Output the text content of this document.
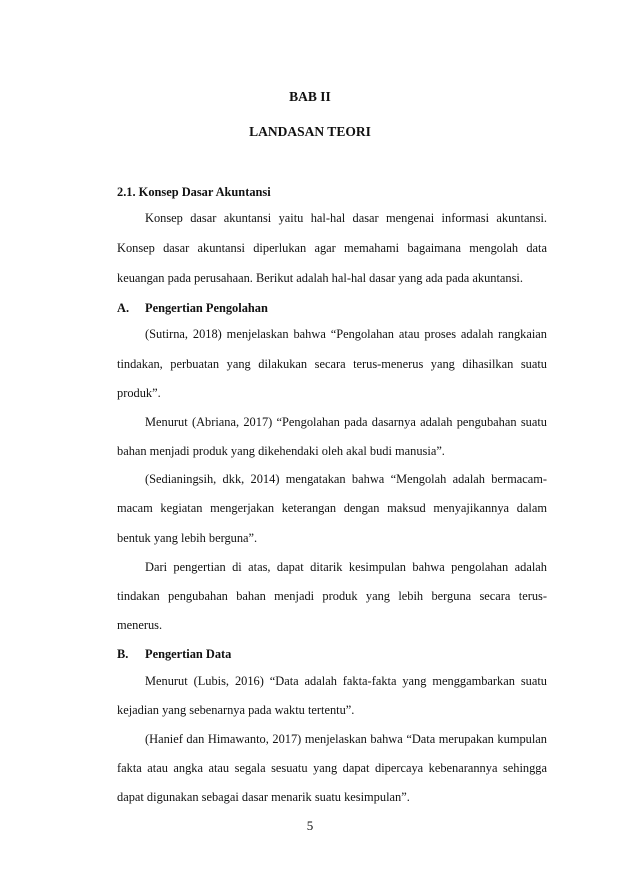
BAB II
LANDASAN TEORI
2.1. Konsep Dasar Akuntansi
Konsep dasar akuntansi yaitu hal-hal dasar mengenai informasi akuntansi.
Konsep dasar akuntansi diperlukan agar memahami bagaimana mengolah data
keuangan pada perusahaan. Berikut adalah hal-hal dasar yang ada pada akuntansi.
A. Pengertian Pengolahan
(Sutirna, 2018) menjelaskan bahwa “Pengolahan atau proses adalah rangkaian
tindakan, perbuatan yang dilakukan secara terus-menerus yang dihasilkan suatu
produk”.
Menurut (Abriana, 2017) “Pengolahan pada dasarnya adalah pengubahan suatu
bahan menjadi produk yang dikehendaki oleh akal budi manusia”.
(Sedianingsih, dkk, 2014) mengatakan bahwa “Mengolah adalah bermacam-
macam kegiatan mengerjakan keterangan dengan maksud menyajikannya dalam
bentuk yang lebih berguna”.
Dari pengertian di atas, dapat ditarik kesimpulan bahwa pengolahan adalah
tindakan pengubahan bahan menjadi produk yang lebih berguna secara terus-
menerus.
B. Pengertian Data
Menurut (Lubis, 2016) “Data adalah fakta-fakta yang menggambarkan suatu
kejadian yang sebenarnya pada waktu tertentu”.
(Hanief dan Himawanto, 2017) menjelaskan bahwa “Data merupakan kumpulan
fakta atau angka atau segala sesuatu yang dapat dipercaya kebenarannya sehingga
dapat digunakan sebagai dasar menarik suatu kesimpulan”.
5
